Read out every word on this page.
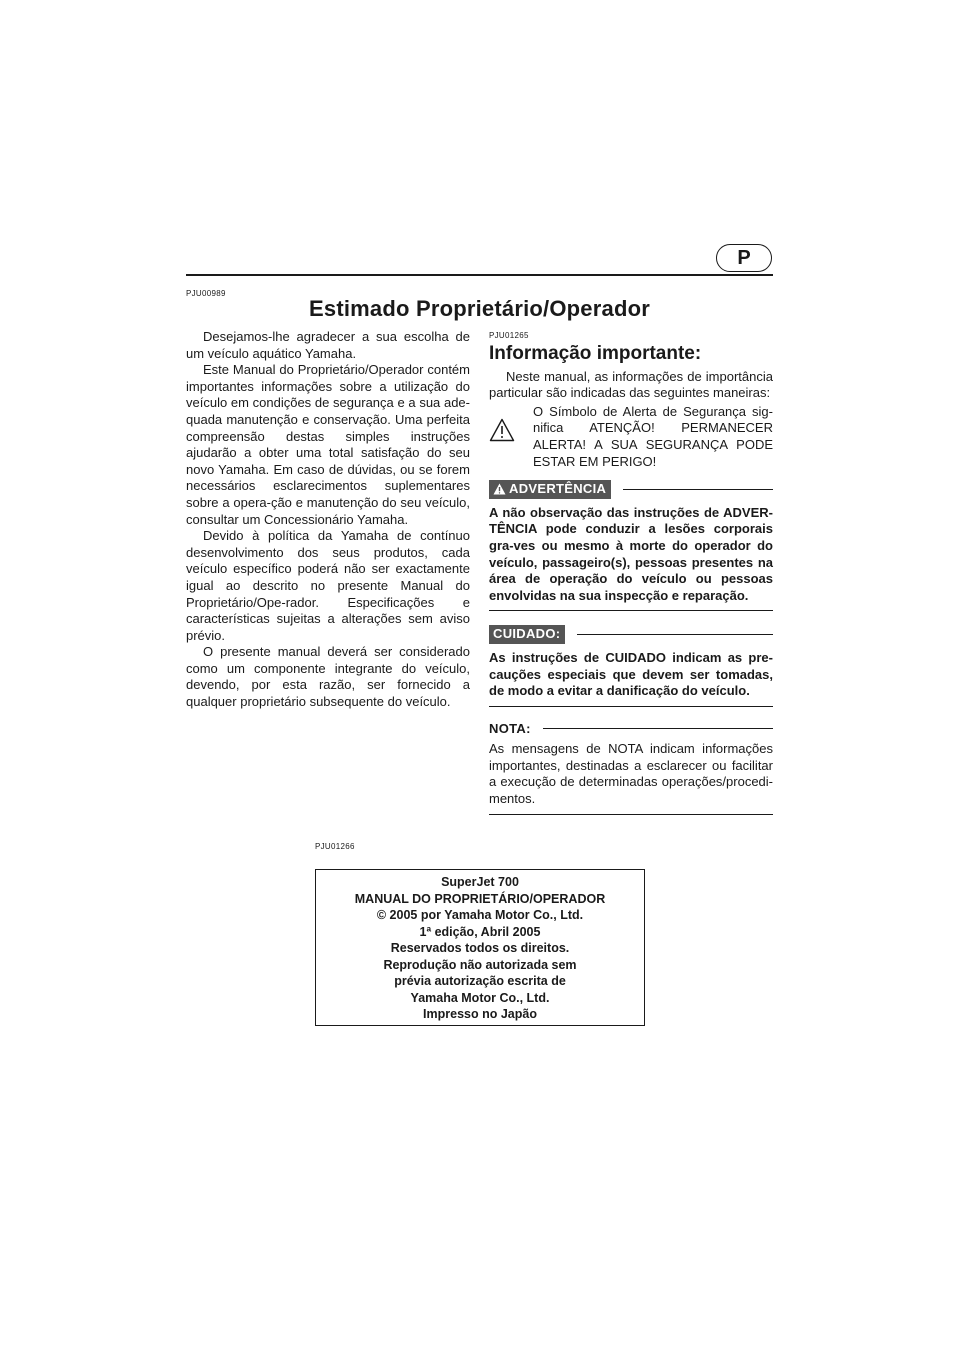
P
PJU00989
Estimado Proprietário/Operador

Desejamos-lhe agradecer a sua escolha de um veículo aquático Yamaha.

Este Manual do Proprietário/Operador contém importantes informações sobre a utilização do veículo em condições de segurança e a sua ade-quada manutenção e conservação. Uma perfeita compreensão destas simples instruções ajudarão a obter uma total satisfação do seu novo Yamaha. Em caso de dúvidas, ou se forem necessários esclarecimentos suplementares sobre a opera-ção e manutenção do seu veículo, consultar um Concessionário Yamaha.

Devido à política da Yamaha de contínuo desenvolvimento dos seus produtos, cada veículo específico poderá não ser exactamente igual ao descrito no presente Manual do Proprietário/Ope-rador. Especificações e características sujeitas a alterações sem aviso prévio.

O presente manual deverá ser considerado como um componente integrante do veículo, devendo, por esta razão, ser fornecido a qualquer proprietário subsequente do veículo.

PJU01265
Informação importante:

Neste manual, as informações de importância particular são indicadas das seguintes maneiras:

O Símbolo de Alerta de Segurança sig-nifica ATENÇÃO! PERMANECER ALERTA! A SUA SEGURANÇA PODE ESTAR EM PERIGO!
ADVERTÊNCIA
A não observação das instruções de ADVER-TÊNCIA pode conduzir a lesões corporais gra-ves ou mesmo à morte do operador do veículo, passageiro(s), pessoas presentes na área de operação do veículo ou pessoas envolvidas na sua inspecção e reparação.
CUIDADO:
As instruções de CUIDADO indicam as pre-cauções especiais que devem ser tomadas, de modo a evitar a danificação do veículo.
NOTA:
As mensagens de NOTA indicam informações importantes, destinadas a esclarecer ou facilitar a execução de determinadas operações/procedi-mentos.
PJU01266
SuperJet 700
MANUAL DO PROPRIETÁRIO/OPERADOR
© 2005 por Yamaha Motor Co., Ltd.
1ª edição, Abril 2005
Reservados todos os direitos.
Reprodução não autorizada sem
prévia autorização escrita de
Yamaha Motor Co., Ltd.
Impresso no Japão
